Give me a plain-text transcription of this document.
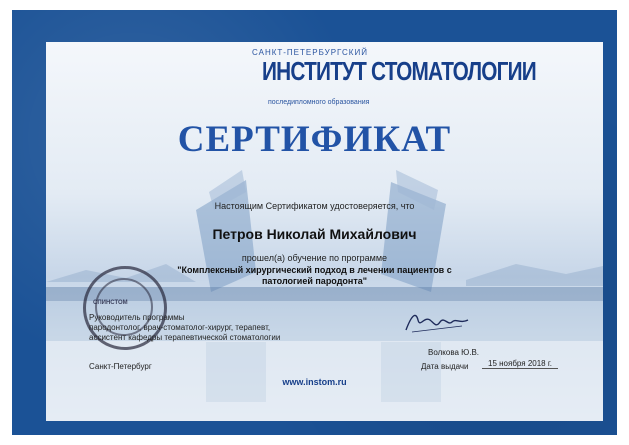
САНКТ-ПЕТЕРБУРГСКИЙ

ИНСТИТУТ СТОМАТОЛОГИИ

последипломного образования

СЕРТИФИКАТ

Настоящим Сертификатом удостоверяется, что

Петров Николай Михайлович

прошел(а) обучение по программе

"Комплексный хирургический подход в лечении пациентов с
патологией пародонта"

СПИНСТОМ

Руководитель программы
пародонтолог, врач-стоматолог-хирург, терапевт,
ассистент кафедры терапевтической стоматологии

Санкт-Петербург

Волкова Ю.В.

Дата выдачи	15 ноября 2018 г.

www.instom.ru
